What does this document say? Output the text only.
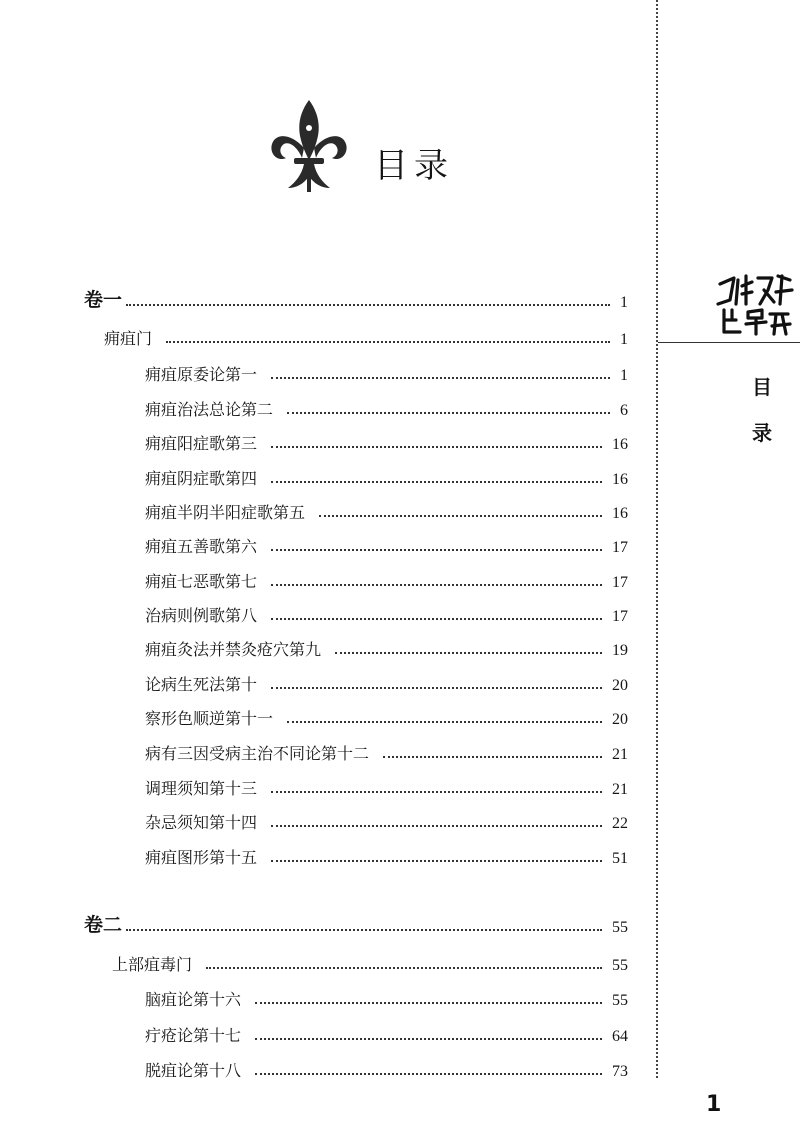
目录
目录
1
卷一	1
痈疽门	1
痈疽原委论第一	1
痈疽治法总论第二	6
痈疽阳症歌第三	16
痈疽阴症歌第四	16
痈疽半阴半阳症歌第五	16
痈疽五善歌第六	17
痈疽七恶歌第七	17
治病则例歌第八	17
痈疽灸法并禁灸疮穴第九	19
论病生死法第十	20
察形色顺逆第十一	20
病有三因受病主治不同论第十二	21
调理须知第十三	21
杂忌须知第十四	22
痈疽图形第十五	51
卷二	55
上部疽毒门	55
脑疽论第十六	55
疔疮论第十七	64
脱疽论第十八	73
